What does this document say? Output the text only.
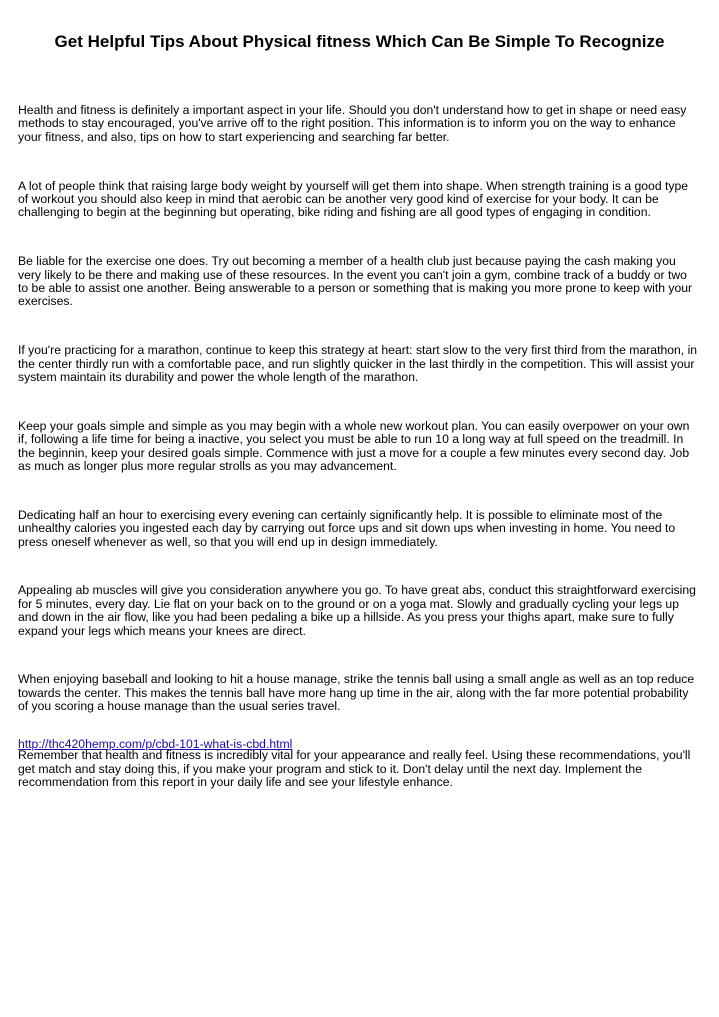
Get Helpful Tips About Physical fitness Which Can Be Simple To Recognize

Health and fitness is definitely a important aspect in your life. Should you don't understand how to get in shape or need easy methods to stay encouraged, you've arrive off to the right position. This information is to inform you on the way to enhance your fitness, and also, tips on how to start experiencing and searching far better.

A lot of people think that raising large body weight by yourself will get them into shape. When strength training is a good type of workout you should also keep in mind that aerobic can be another very good kind of exercise for your body. It can be challenging to begin at the beginning but operating, bike riding and fishing are all good types of engaging in condition.

Be liable for the exercise one does. Try out becoming a member of a health club just because paying the cash making you very likely to be there and making use of these resources. In the event you can't join a gym, combine track of a buddy or two to be able to assist one another. Being answerable to a person or something that is making you more prone to keep with your exercises.

If you're practicing for a marathon, continue to keep this strategy at heart: start slow to the very first third from the marathon, in the center thirdly run with a comfortable pace, and run slightly quicker in the last thirdly in the competition. This will assist your system maintain its durability and power the whole length of the marathon.

Keep your goals simple and simple as you may begin with a whole new workout plan. You can easily overpower on your own if, following a life time for being a inactive, you select you must be able to run 10 a long way at full speed on the treadmill. In the beginnin, keep your desired goals simple. Commence with just a move for a couple a few minutes every second day. Job as much as longer plus more regular strolls as you may advancement.

Dedicating half an hour to exercising every evening can certainly significantly help. It is possible to eliminate most of the unhealthy calories you ingested each day by carrying out force ups and sit down ups when investing in home. You need to press oneself whenever as well, so that you will end up in design immediately.

Appealing ab muscles will give you consideration anywhere you go. To have great abs, conduct this straightforward exercising for 5 minutes, every day. Lie flat on your back on to the ground or on a yoga mat. Slowly and gradually cycling your legs up and down in the air flow, like you had been pedaling a bike up a hillside. As you press your thighs apart, make sure to fully expand your legs which means your knees are direct.

When enjoying baseball and looking to hit a house manage, strike the tennis ball using a small angle as well as an top reduce towards the center. This makes the tennis ball have more hang up time in the air, along with the far more potential probability of you scoring a house manage than the usual series travel.

Remember that health and fitness is incredibly vital for your appearance and really feel. Using these recommendations, you'll get match and stay doing this, if you make your program and stick to it. Don't delay until the next day. Implement the recommendation from this report in your daily life and see your lifestyle enhance.

http://thc420hemp.com/p/cbd-101-what-is-cbd.html
